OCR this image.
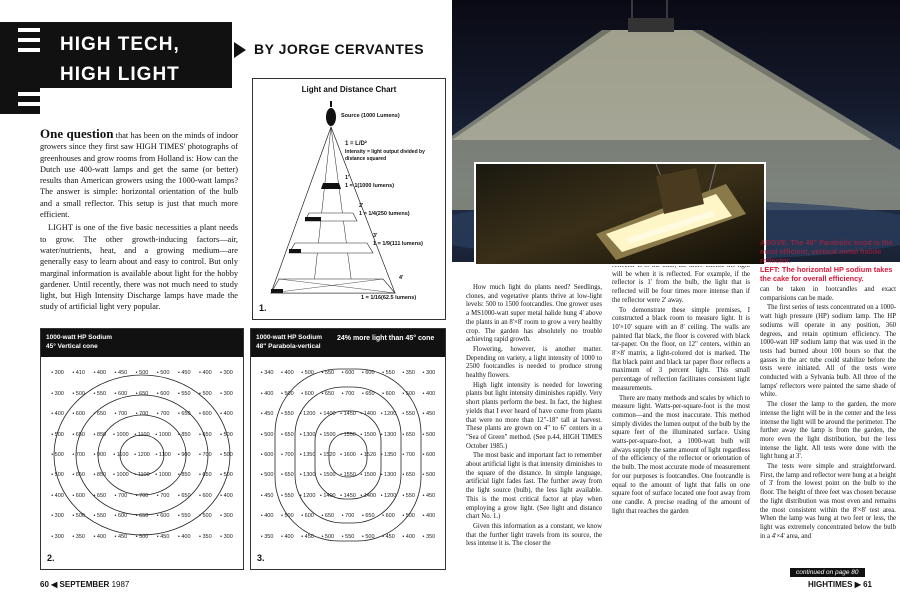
HIGH TECH,
HIGH LIGHT
BY JORGE CERVANTES

One question that has been on the minds of indoor growers since they first saw HIGH TIMES' photographs of greenhouses and grow rooms from Holland is: How can the Dutch use 400-watt lamps and get the same (or better) results than American growers using the 1000-watt lamps? The answer is simple: horizontal orientation of the bulb and a small reflector. This setup is just that much more efficient.

LIGHT is one of the five basic necessities a plant needs to grow. The other growth-inducing factors—air, water/nutrients, heat, and a growing medium—are generally easy to learn about and easy to control. But only marginal information is available about light for the hobby gardener. Until recently, there was not much need to study light, but High Intensity Discharge lamps have made the study of artificial light very popular.

Light and Distance Chart
Source (1000 Lumens)
1 = L/D²
Intensity = light output divided by distance squared
1'
1 = 1(1000 lumens)
2'
1 = 1/4(250 lumens)
3'
1 = 1/9(111 lumens)
4'
1 = 1/16(62.5 lumens)
1.
1000-watt HP Sodium
45° Vertical cone
• 300 • 410 • 400 • 450 • 500 • 500 • 450 • 400 • 300
• 300 • 500 • 550 • 600 • 650 • 600 • 550 • 500 • 300
• 400 • 600 • 650 • 700 • 700 • 700 • 650 • 600 • 400
• 500 • 650 • 850 • 1000 • 1100 • 1000 • 850 • 650 • 500
• 500 • 700 • 900 • 1100 • 1200 • 1100 • 900 • 700 • 500
• 500 • 650 • 850 • 1000 • 1100 • 1000 • 850 • 650 • 500
• 400 • 600 • 650 • 700 • 700 • 700 • 650 • 600 • 400
• 300 • 500 • 550 • 600 • 650 • 600 • 550 • 500 • 300
• 300 • 350 • 400 • 450 • 500 • 450 • 400 • 350 • 300
2.
1000-watt HP Sodium
48" Parabola-vertical
24% more light than 45° cone
• 340 • 400 • 500 • 550 • 600 • 600 • 550 • 350 • 300
• 400 • 500 • 600 • 650 • 700 • 650 • 600 • 500 • 400
• 450 • 550 • 1200 • 1400 • 1450 • 1400 • 1200 • 550 • 450
• 500 • 650 • 1300 • 1500 • 1550 • 1500 • 1300 • 650 • 500
• 600 • 700 • 1350 • 1520 • 1600 • 1520 • 1350 • 700 • 600
• 500 • 650 • 1300 • 1500 • 1550 • 1500 • 1300 • 650 • 500
• 450 • 550 • 1200 • 1400 • 1450 • 1400 • 1200 • 550 • 450
• 400 • 500 • 600 • 650 • 700 • 650 • 600 • 500 • 400
• 350 • 400 • 450 • 500 • 550 • 500 • 450 • 400 • 350
3.

How much light do plants need? Seedlings, clones, and vegetative plants thrive at low-light levels: 500 to 1500 footcandles. One grower uses a MS1000-watt super metal halide hung 4' above the plants in an 8'×8' room to grow a very healthy crop. The garden has absolutely no trouble achieving rapid growth.

Flowering, however, is another matter. Depending on variety, a light intensity of 1000 to 2500 footcandles is needed to produce strong healthy flowers.

High light intensity is needed for lowering plants but light intensity diminishes rapidly. Very short plants perform the best. In fact, the highest yields that I ever heard of have come from plants that were no more than 12"-18" tall at harvest. These plants are grown on 4" to 6" centers in a "Sea of Green" method. (See p.44, HIGH TIMES October 1985.)

The most basic and important fact to remember about artificial light is that intensity diminishes to the square of the distance. In simple language, artificial light fades fast. The further away from the light source (bulb), the less light available. This is the most critical factor at play when employing a grow light. (See light and distance chart No. 1.)

Given this information as a constant, we know that the further light travels from its source, the less intense it is. The closer the

will be when it is reflected. For example, if the reflector is 1' from the bulb, the light that is reflected will be four times more intense than if the reflector were 2' away.

To demonstrate these simple premises, I constructed a black room to measure light. It is 10'×10' square with an 8' ceiling. The walls are painted flat black, the floor is covered with black tar-paper. On the floor, on 12" centers, within an 8'×8' matrix, a light-colored dot is marked. The flat black paint and black tar paper floor reflects a maximum of 3 percent light. This small percentage of reflection facilitates consistent light measurements.

There are many methods and scales by which to measure light. Watts-per-square-foot is the most common—and the most inaccurate. This method simply divides the lumen output of the bulb by the square feet of the illuminated surface. Using watts-per-square-foot, a 1000-watt bulb will always supply the same amount of light regardless of the efficiency of the reflector or orientation of the bulb. The most accurate mode of measurement for our purposes is footcandles. One footcandle is equal to the amount of light that falls on one square foot of surface located one foot away from one candle. A precise reading of the amount of light that reaches the garden

can be taken in footcandles and exact comparisions can be made.

The first series of tests concentrated on a 1000-watt high pressure (HP) sodium lamp. The HP sodiums will operate in any position, 360 degrees, and retain optimum efficiency. The 1000-watt HP sodium lamp that was used in the tests had burned about 100 hours so that the gasses in the arc tube could stabilize before the tests were initiated. All of the tests were conducted with a Sylvania bulb. All three of the lamps' reflectors were painted the same shade of white.

The closer the lamp to the garden, the more intense the light will be in the center and the less intense the light will be around the perimeter. The further away the lamp is from the garden, the more even the light distribution, but the less intense the light. All tests were done with the light hung at 3'.

The tests were simple and straightforward. First, the lamp and reflector were hung at a height of 3' from the lowest point on the bulb to the floor. The height of three feet was chosen because the light distribution was most even and remains the most consistent within the 8'×8' test area. When the lamp was hung at two feet or less, the light was extremely concentrated below the bulb in a 4'×4' area, and

ABOVE: The 48" Parabolic hood is the most efficient, vertical metal halide reflector.
LEFT: The horizontal HP sodium takes the cake for overall efficiency.
60 ◀ SEPTEMBER 1987
continued on page 80
HIGHTIMES ▶ 61
